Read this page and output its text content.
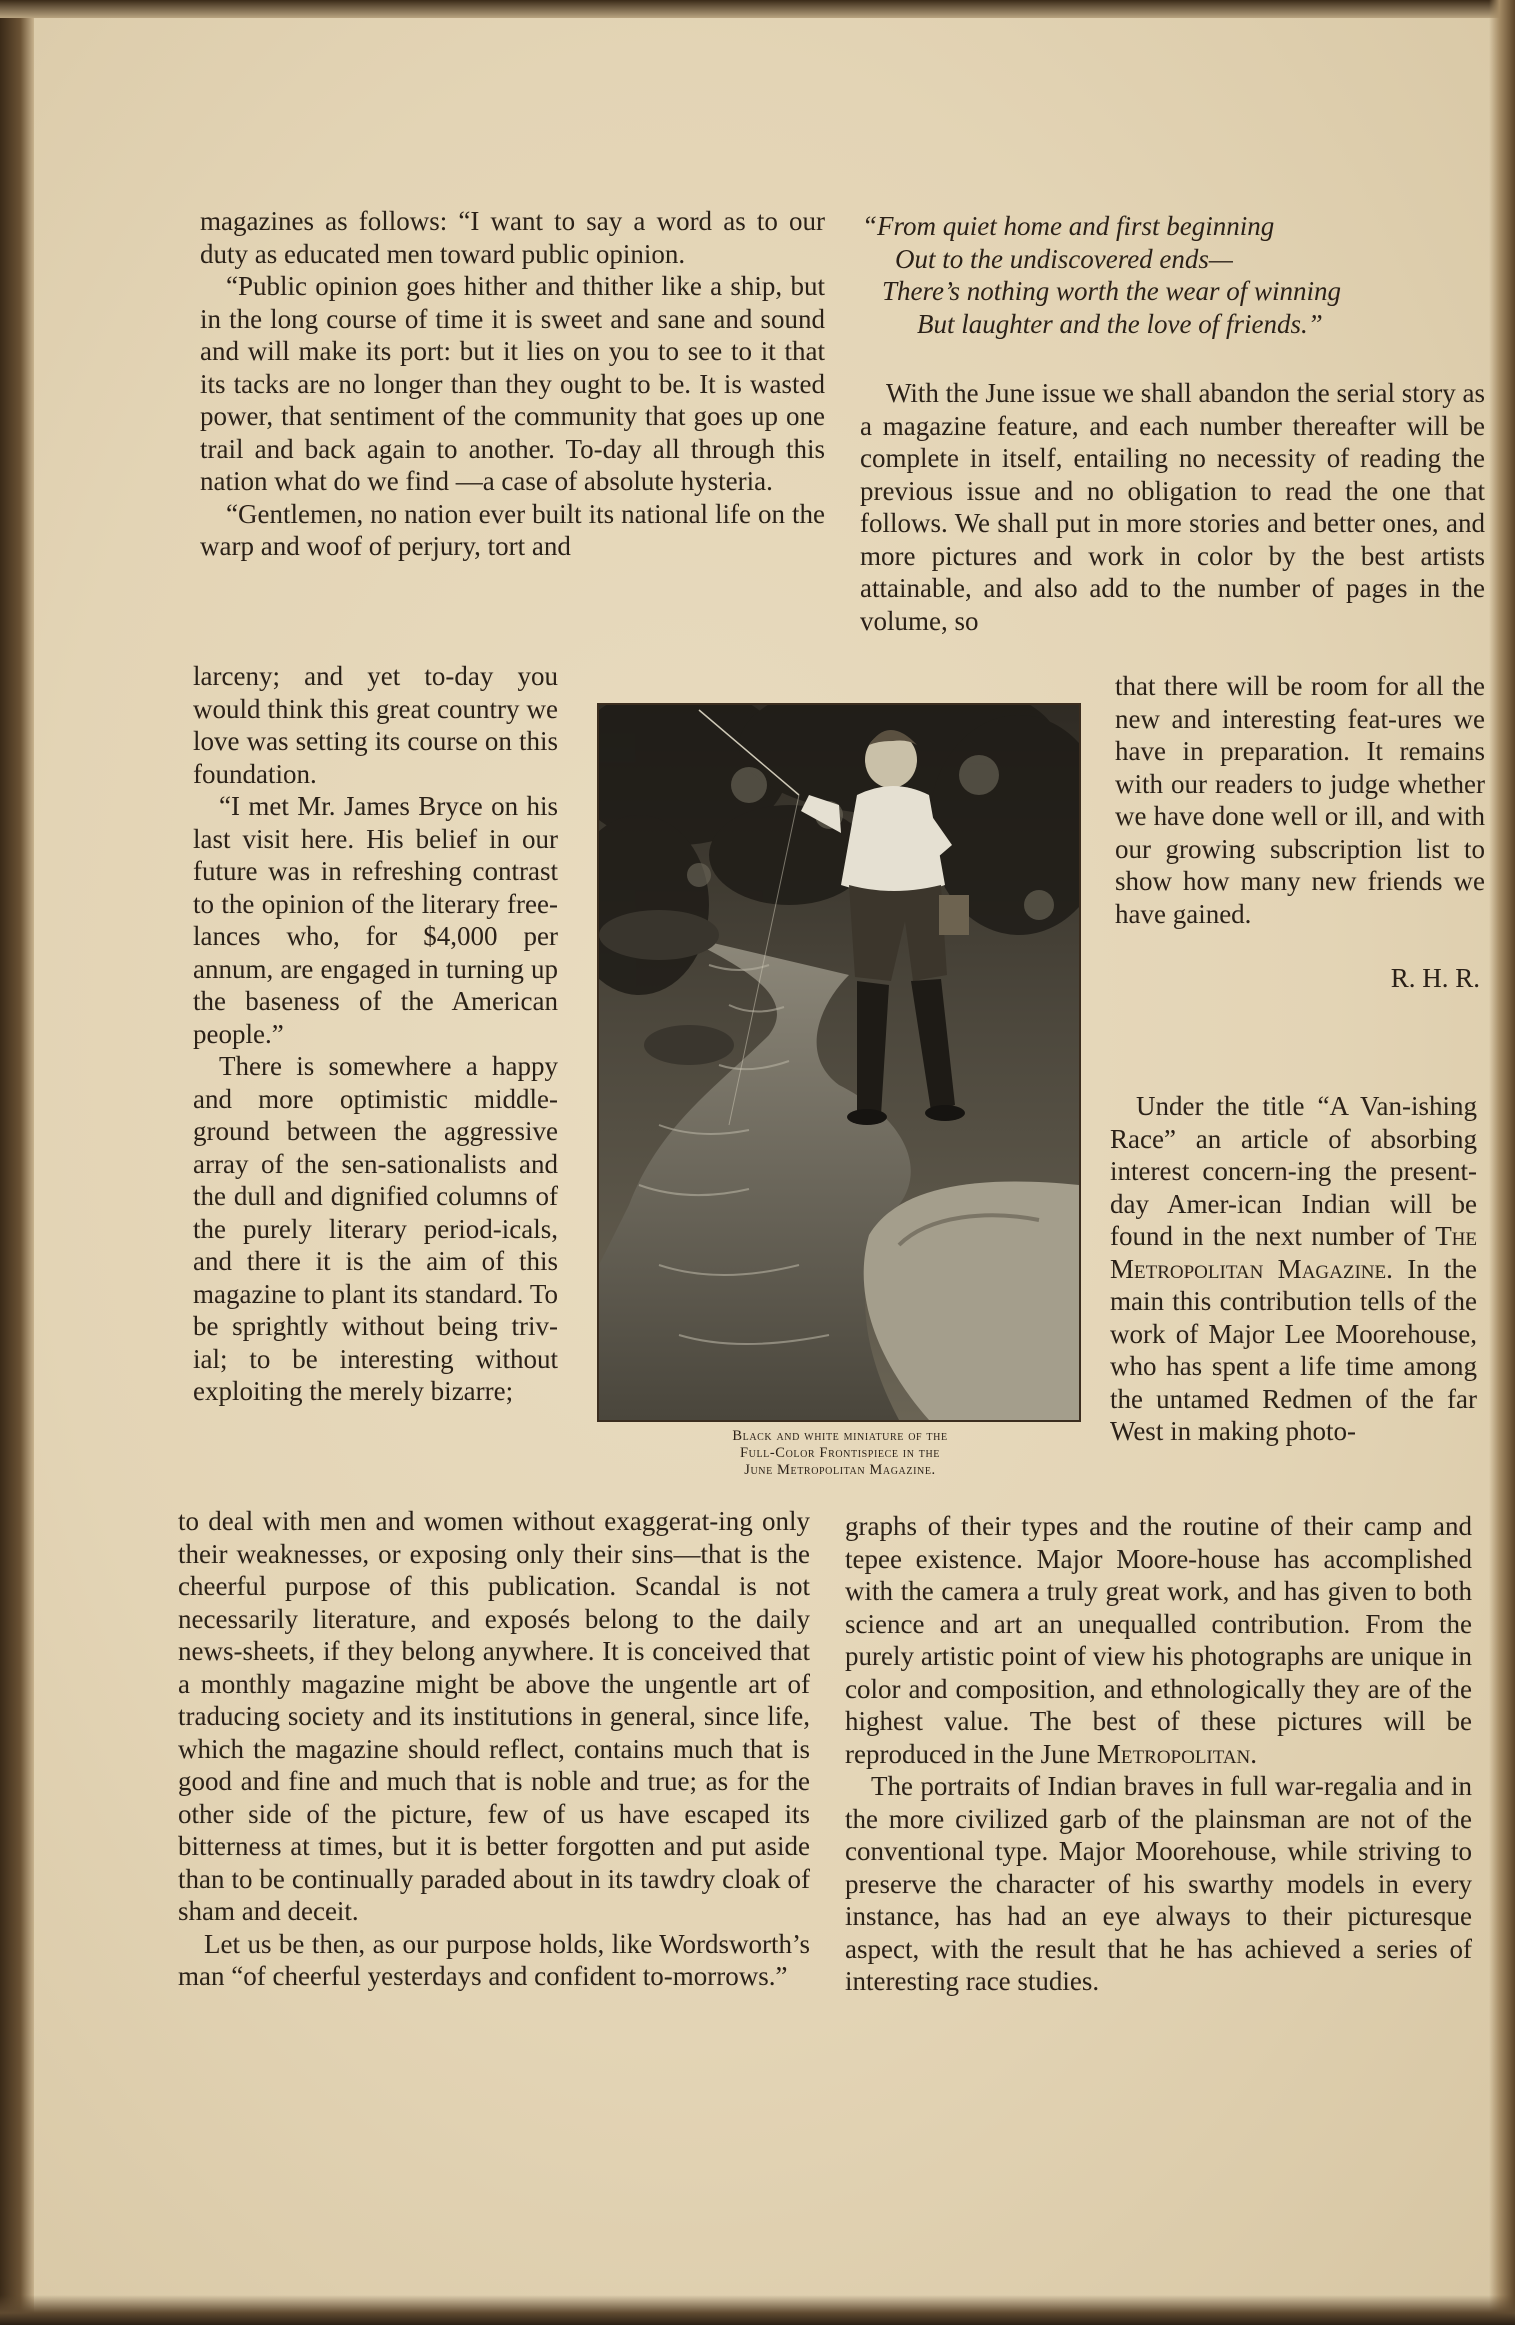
magazines as follows: “I want to say a word as to our duty as educated men toward public opinion.

“Public opinion goes hither and thither like a ship, but in the long course of time it is sweet and sane and sound and will make its port: but it lies on you to see to it that its tacks are no longer than they ought to be. It is wasted power, that sentiment of the community that goes up one trail and back again to another. To-day all through this nation what do we find —a case of absolute hysteria.

“Gentlemen, no nation ever built its national life on the warp and woof of perjury, tort and

larceny; and yet to-day you would think this great country we love was setting its course on this foundation.

“I met Mr. James Bryce on his last visit here. His belief in our future was in refreshing contrast to the opinion of the literary free-lances who, for $4,000 per annum, are engaged in turning up the baseness of the American people.”

There is somewhere a happy and more optimistic middle-ground between the aggressive array of the sen-sationalists and the dull and dignified columns of the purely literary period-icals, and there it is the aim of this magazine to plant its standard. To be sprightly without being triv-ial; to be interesting without exploiting the merely bizarre;

to deal with men and women without exaggerat-ing only their weaknesses, or exposing only their sins—that is the cheerful purpose of this publication. Scandal is not necessarily literature, and exposés belong to the daily news-sheets, if they belong anywhere. It is conceived that a monthly magazine might be above the ungentle art of traducing society and its institutions in general, since life, which the magazine should reflect, contains much that is good and fine and much that is noble and true; as for the other side of the picture, few of us have escaped its bitterness at times, but it is better forgotten and put aside than to be continually paraded about in its tawdry cloak of sham and deceit.

Let us be then, as our purpose holds, like Wordsworth’s man “of cheerful yesterdays and confident to-morrows.”

“From quiet home and first beginning
Out to the undiscovered ends—
There’s nothing worth the wear of winning
But laughter and the love of friends.”

With the June issue we shall abandon the serial story as a magazine feature, and each number thereafter will be complete in itself, entailing no necessity of reading the previous issue and no obligation to read the one that follows. We shall put in more stories and better ones, and more pictures and work in color by the best artists attainable, and also add to the number of pages in the volume, so

that there will be room for all the new and interesting feat-ures we have in preparation. It remains with our readers to judge whether we have done well or ill, and with our growing subscription list to show how many new friends we have gained.

R. H. R.

Under the title “A Van-ishing Race” an article of absorbing interest concern-ing the present-day Amer-ican Indian will be found in the next number of The Metropolitan Magazine. In the main this contribution tells of the work of Major Lee Moorehouse, who has spent a life time among the untamed Redmen of the far West in making photo-

graphs of their types and the routine of their camp and tepee existence. Major Moore-house has accomplished with the camera a truly great work, and has given to both science and art an unequalled contribution. From the purely artistic point of view his photographs are unique in color and composition, and ethnologically they are of the highest value. The best of these pictures will be reproduced in the June Metropolitan.

The portraits of Indian braves in full war-regalia and in the more civilized garb of the plainsman are not of the conventional type. Major Moorehouse, while striving to preserve the character of his swarthy models in every instance, has had an eye always to their picturesque aspect, with the result that he has achieved a series of interesting race studies.

Black and white miniature of the
Full-Color Frontispiece in the
June Metropolitan Magazine.
